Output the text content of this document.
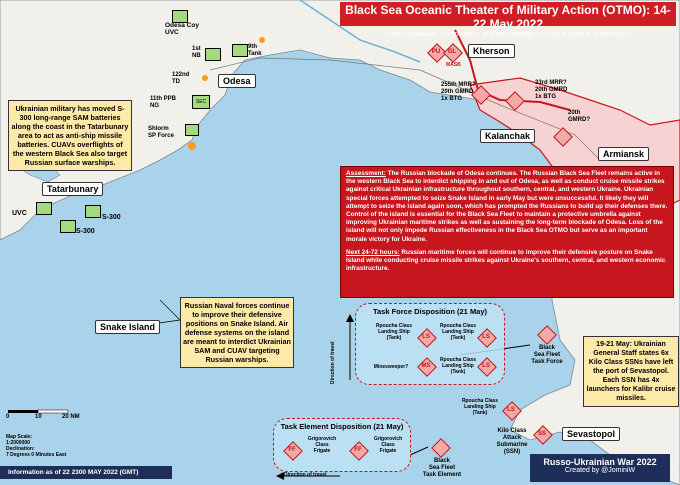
Black Sea Oceanic Theater of Military Action (OTMO): 14-22 May 2022
Note: Disposition, composition, and identification of units is difficult to determine
Odesa
Kherson
Kalanchak
Armiansk
Tatarbunary
Snake Island
Sevastopol
Odesa Coy
UVC
1st
NB
9th
Tank
122nd
TD
SEC
11th PPB
NG
Shlorm
SP Force
UVC
S-300
S-300
PU	GL
MASB
255th MRR?
20th GMRD
1x BTG
33rd MRR?
20th GMRD
1x BTG
20th
GMRD?
Ukrainian military has moved S-300 long-range SAM batteries along the coast in the Tatarbunary area to act as anti-ship missile batteries. CUAVs overflights of the western Black Sea also target Russian surface warships.
Russian Naval forces continue to improve their defensive positions on Snake Island. Air defense systems on the island are meant to interdict Ukrainian SAM and CUAV targeting Russian warships.
19-21 May: Ukrainian General Staff states 6x Kilo Class SSNs have left the port of Sevastopol. Each SSN has 4x launchers for Kalibr cruise missiles.

Assessment: The Russian blockade of Odesa continues. The Russian Black Sea Fleet remains active in the western Black Sea to interdict shipping in and out of Odesa, as well as conduct cruise missile strikes against critical Ukrainian infrastructure throughout southern, central, and western Ukraine. Ukrainian special forces attempted to seize Snake Island in early May but were unsuccessful. It likely they will attempt to seize the island again soon, which has prompted the Russians to build up their defenses there. Control of the island is essential for the Black Sea Fleet to maintain a protective umbrella against improving Ukrainian maritime strikes as well as sustaining the long-term blockade of Odesa. Loss of the island will not only impede Russian effectiveness in the Black Sea OTMO but serve as an important morale victory for Ukraine.

Next 24-72 hours: Russian maritime forces will continue to improve their defensive posture on Snake Island while conducting cruise missile strikes against Ukraine's southern, central, and western economic infrastructure.

Task Force Disposition (21 May)
LS	LS
MS	LS
Rpoucha Class
Landing Ship
(Tank)
Rpoucha Class
Landing Ship
(Tank)
Minesweeper?
Rpoucha Class
Landing Ship
(Tank)
Direction of travel	Black
Sea Fleet
Task Force
Task Element Disposition (21 May)
FF	FF
Grigorovich
Class
Frigate
Grigorovich
Class
Frigate
Direction of travel
Black
Sea Fleet
Task Element
LS
Rpoucha Class
Landing Ship
(Tank)
SS
Kilo Class
Attack
Submarine
(SSN)
0	10	20 NM
Map Scale:
1:2000000
Declination:
7 Degrees 0 Minutes East
Information as of 22 2300 MAY 2022 (GMT)
Russo-Ukrainian War 2022
Created by @JominiW
